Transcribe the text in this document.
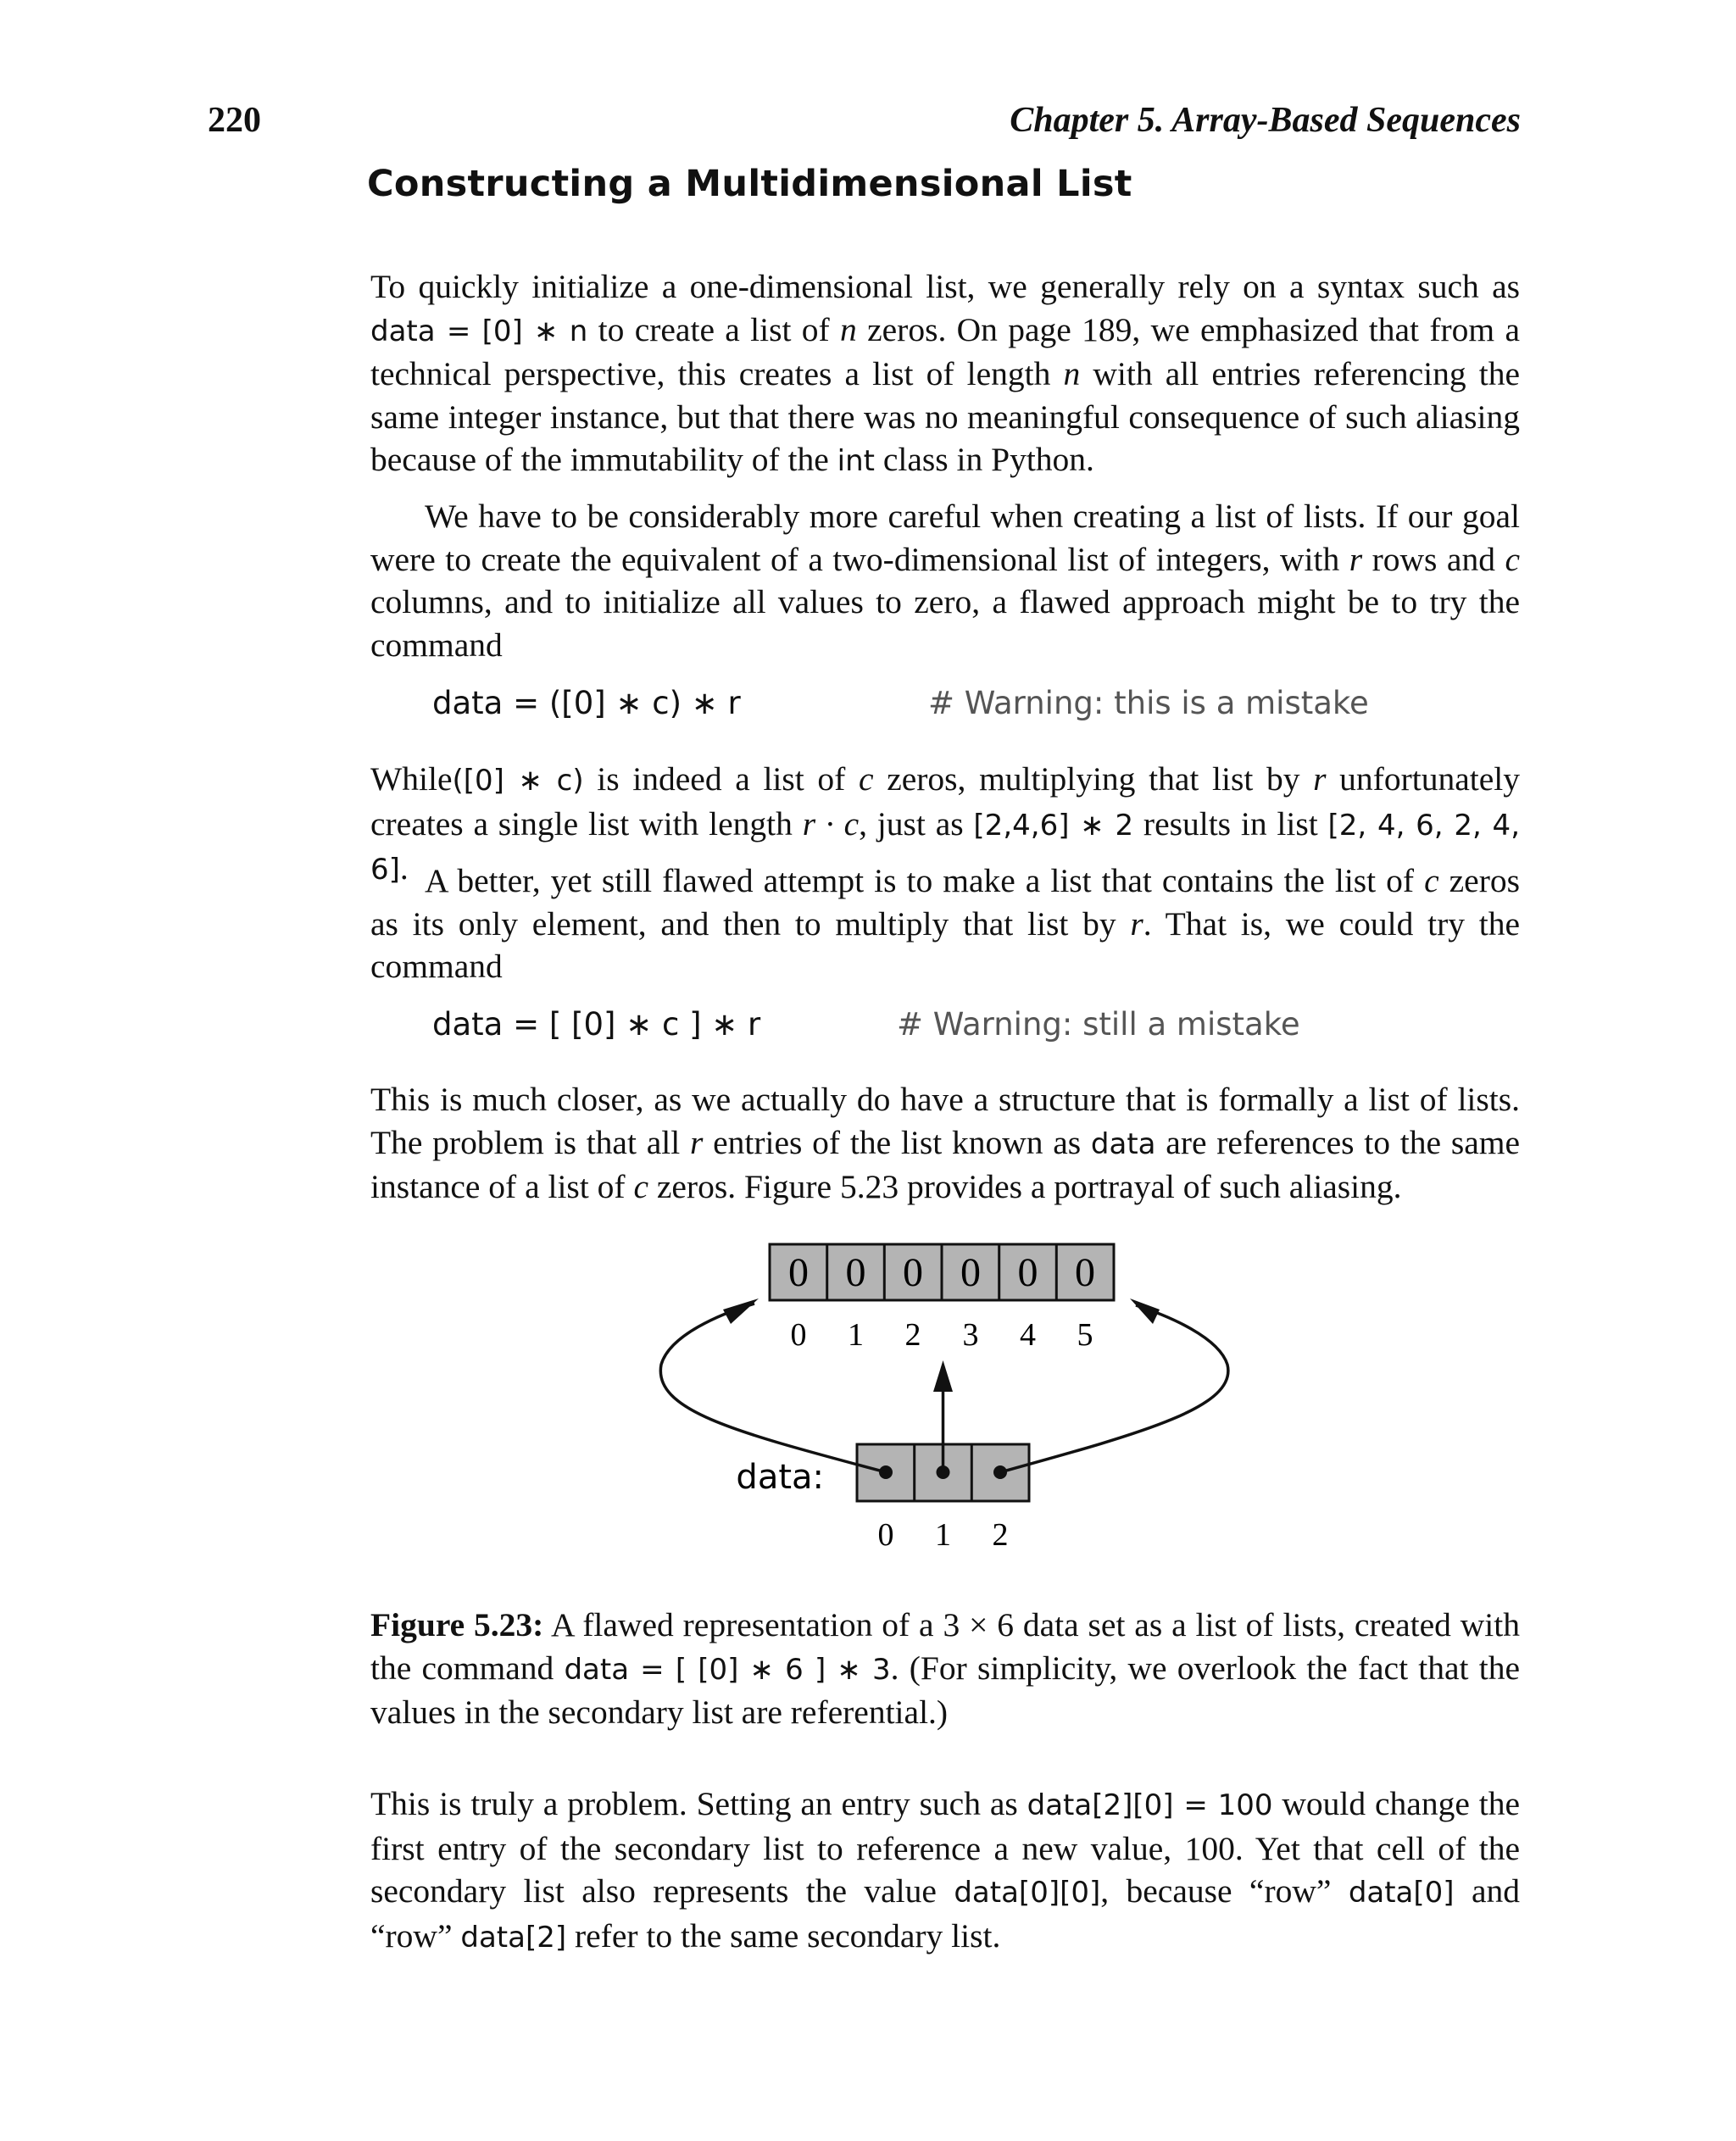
220	Chapter 5. Array-Based Sequences
Constructing a Multidimensional List
To quickly initialize a one-dimensional list, we generally rely on a syntax such as data = [0] ∗ n to create a list of n zeros. On page 189, we emphasized that from a technical perspective, this creates a list of length n with all entries referencing the same integer instance, but that there was no meaningful consequence of such aliasing because of the immutability of the int class in Python.
We have to be considerably more careful when creating a list of lists. If our goal were to create the equivalent of a two-dimensional list of integers, with r rows and c columns, and to initialize all values to zero, a flawed approach might be to try the command
data = ([0] ∗ c) ∗ r	# Warning: this is a mistake
While([0] ∗ c) is indeed a list of c zeros, multiplying that list by r unfortunately creates a single list with length r · c, just as [2,4,6] ∗ 2 results in list [2, 4, 6, 2, 4, 6]. A better, yet still flawed attempt is to make a list that contains the list of c zeros as its only element, and then to multiply that list by r. That is, we could try the command
data = [ [0] ∗ c ] ∗ r	# Warning: still a mistake
This is much closer, as we actually do have a structure that is formally a list of lists. The problem is that all r entries of the list known as data are references to the same instance of a list of c zeros. Figure 5.23 provides a portrayal of such aliasing.
0 0 0 0 0 0
0 1 2 3 4 5
data:
0 1 2
Figure 5.23: A flawed representation of a 3 × 6 data set as a list of lists, created with the command data = [ [0] ∗ 6 ] ∗ 3. (For simplicity, we overlook the fact that the values in the secondary list are referential.)
This is truly a problem. Setting an entry such as data[2][0] = 100 would change the first entry of the secondary list to reference a new value, 100. Yet that cell of the secondary list also represents the value data[0][0], because “row” data[0] and “row” data[2] refer to the same secondary list.
